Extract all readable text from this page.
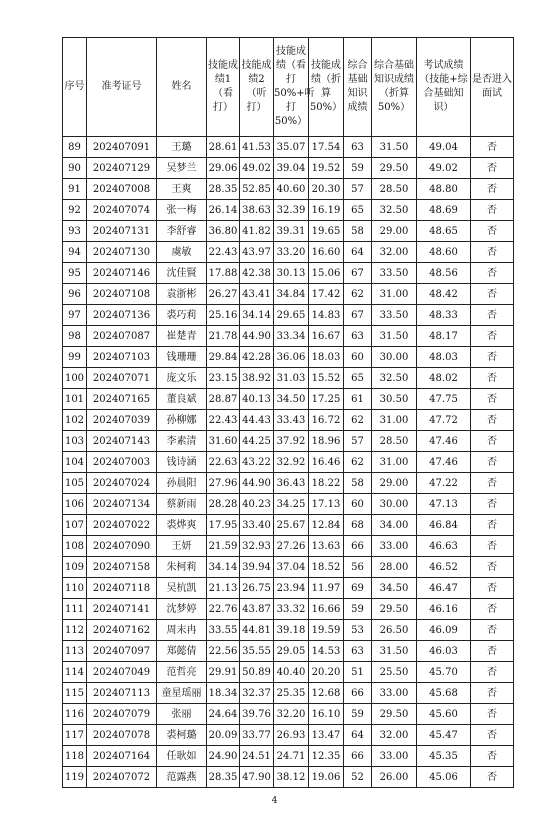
序号	准考证号	姓名	技能成绩1（看打）	技能成绩2（听打）	技能成绩（看打50%+听打50%）	技能成绩（折算50%）	综合基础知识成绩	综合基础知识成绩（折算50%）	考试成绩（技能+综合基础知识）	是否进入面试
89	202407091	王璐	28.61	41.53	35.07	17.54	63	31.50	49.04	否
90	202407129	吴梦兰	29.06	49.02	39.04	19.52	59	29.50	49.02	否
91	202407008	王爽	28.35	52.85	40.60	20.30	57	28.50	48.80	否
92	202407074	张一梅	26.14	38.63	32.39	16.19	65	32.50	48.69	否
93	202407131	李舒睿	36.80	41.82	39.31	19.65	58	29.00	48.65	否
94	202407130	虞敏	22.43	43.97	33.20	16.60	64	32.00	48.60	否
95	202407146	沈佳賢	17.88	42.38	30.13	15.06	67	33.50	48.56	否
96	202407108	袁浙彬	26.27	43.41	34.84	17.42	62	31.00	48.42	否
97	202407136	裘巧莉	25.16	34.14	29.65	14.83	67	33.50	48.33	否
98	202407087	崔楚青	21.78	44.90	33.34	16.67	63	31.50	48.17	否
99	202407103	钱珊珊	29.84	42.28	36.06	18.03	60	30.00	48.03	否
100	202407071	庞文乐	23.15	38.92	31.03	15.52	65	32.50	48.02	否
101	202407165	董良斌	28.87	40.13	34.50	17.25	61	30.50	47.75	否
102	202407039	孙柳娜	22.43	44.43	33.43	16.72	62	31.00	47.72	否
103	202407143	李素清	31.60	44.25	37.92	18.96	57	28.50	47.46	否
104	202407003	钱诗涵	22.63	43.22	32.92	16.46	62	31.00	47.46	否
105	202407024	孙晨阳	27.96	44.90	36.43	18.22	58	29.00	47.22	否
106	202407134	蔡新雨	28.28	40.23	34.25	17.13	60	30.00	47.13	否
107	202407022	裘烨爽	17.95	33.40	25.67	12.84	68	34.00	46.84	否
108	202407090	王妍	21.59	32.93	27.26	13.63	66	33.00	46.63	否
109	202407158	朱柯莉	34.14	39.94	37.04	18.52	56	28.00	46.52	否
110	202407118	吴杭凯	21.13	26.75	23.94	11.97	69	34.50	46.47	否
111	202407141	沈梦婷	22.76	43.87	33.32	16.66	59	29.50	46.16	否
112	202407162	周末冉	33.55	44.81	39.18	19.59	53	26.50	46.09	否
113	202407097	郑懿倩	22.56	35.55	29.05	14.53	63	31.50	46.03	否
114	202407049	范哲亮	29.91	50.89	40.40	20.20	51	25.50	45.70	否
115	202407113	童星瑶丽	18.34	32.37	25.35	12.68	66	33.00	45.68	否
116	202407079	张丽	24.64	39.76	32.20	16.10	59	29.50	45.60	否
117	202407078	裘柯璐	20.09	33.77	26.93	13.47	64	32.00	45.47	否
118	202407164	任耿如	24.90	24.51	24.71	12.35	66	33.00	45.35	否
119	202407072	范露燕	28.35	47.90	38.12	19.06	52	26.00	45.06	否
4
